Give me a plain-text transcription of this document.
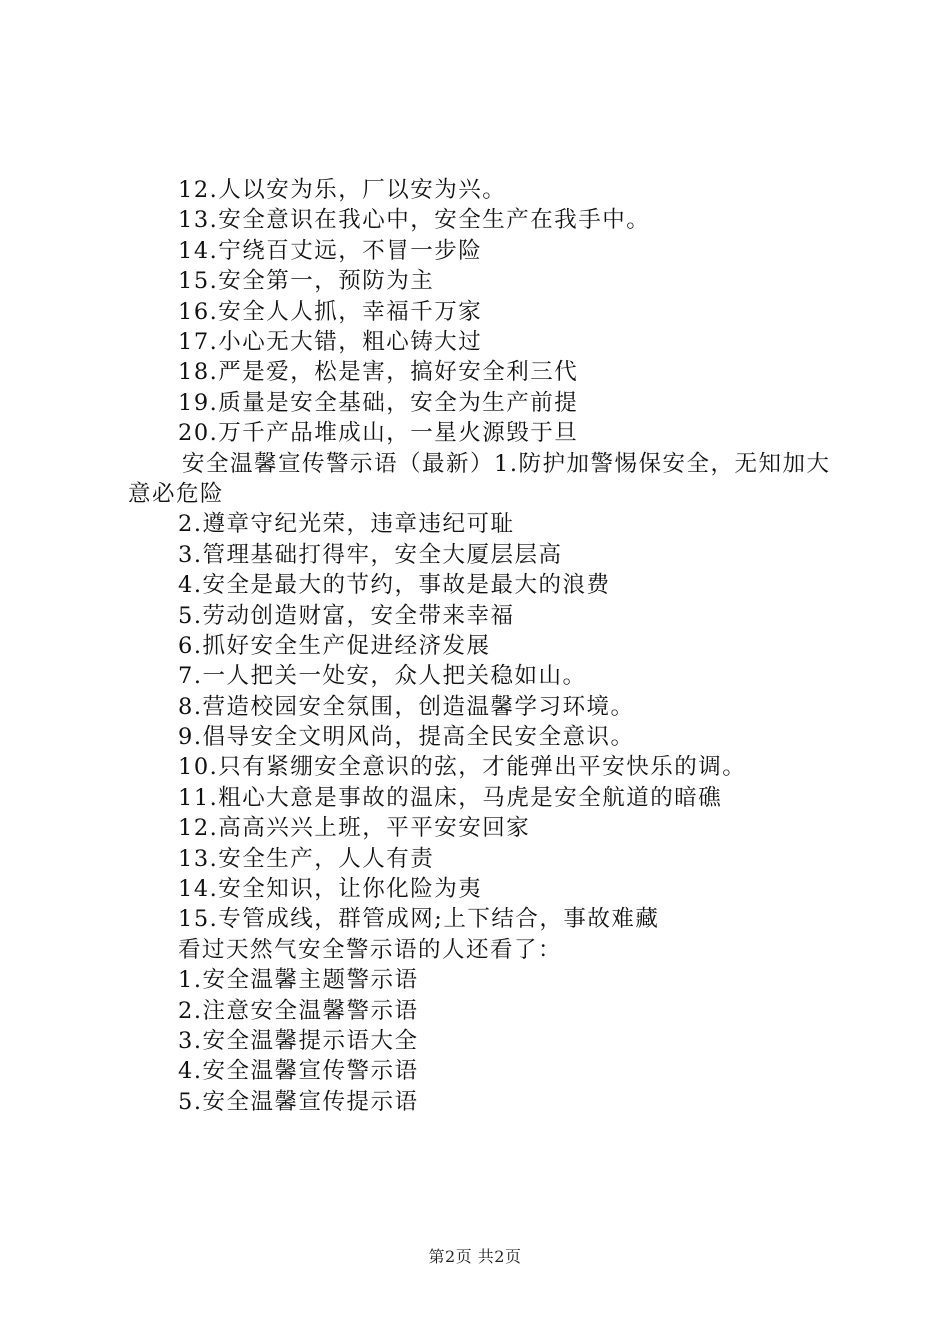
12.人以安为乐，厂以安为兴。
13.安全意识在我心中，安全生产在我手中。
14.宁绕百丈远，不冒一步险
15.安全第一，预防为主
16.安全人人抓，幸福千万家
17.小心无大错，粗心铸大过
18.严是爱，松是害，搞好安全利三代
19.质量是安全基础，安全为生产前提
20.万千产品堆成山，一星火源毁于旦
安全温馨宣传警示语（最新）1.防护加警惕保安全，无知加大意必危险
2.遵章守纪光荣，违章违纪可耻
3.管理基础打得牢，安全大厦层层高
4.安全是最大的节约，事故是最大的浪费
5.劳动创造财富，安全带来幸福
6.抓好安全生产促进经济发展
7.一人把关一处安，众人把关稳如山。
8.营造校园安全氛围，创造温馨学习环境。
9.倡导安全文明风尚，提高全民安全意识。
10.只有紧绷安全意识的弦，才能弹出平安快乐的调。
11.粗心大意是事故的温床，马虎是安全航道的暗礁
12.高高兴兴上班，平平安安回家
13.安全生产，人人有责
14.安全知识，让你化险为夷
15.专管成线，群管成网;上下结合，事故难藏
看过天然气安全警示语的人还看了：
1.安全温馨主题警示语
2.注意安全温馨警示语
3.安全温馨提示语大全
4.安全温馨宣传警示语
5.安全温馨宣传提示语
第2页 共2页
